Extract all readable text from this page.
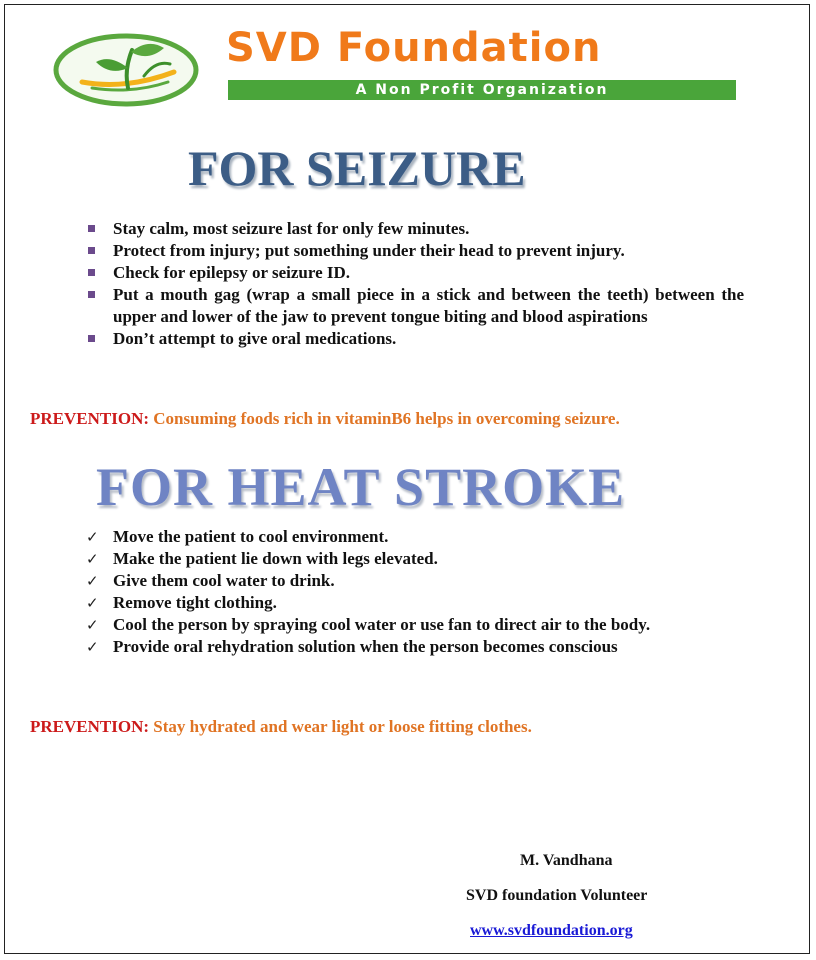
SVD Foundation
A Non Profit Organization
FOR SEIZURE
Stay calm, most seizure last for only few minutes.
Protect from injury; put something under their head to prevent injury.
Check for epilepsy or seizure ID.
Put a mouth gag (wrap a small piece in a stick and between the teeth) between the upper and lower of the jaw to prevent tongue biting and blood aspirations
Don’t attempt to give oral medications.

PREVENTION: Consuming foods rich in vitaminB6 helps in overcoming seizure.

FOR HEAT STROKE
✓ Move the patient to cool environment.
✓ Make the patient lie down with legs elevated.
✓ Give them cool water to drink.
✓ Remove tight clothing.
✓ Cool the person by spraying cool water or use fan to direct air to the body.
✓ Provide oral rehydration solution when the person becomes conscious

PREVENTION: Stay hydrated and wear light or loose fitting clothes.

M. Vandhana
SVD foundation Volunteer
www.svdfoundation.org
